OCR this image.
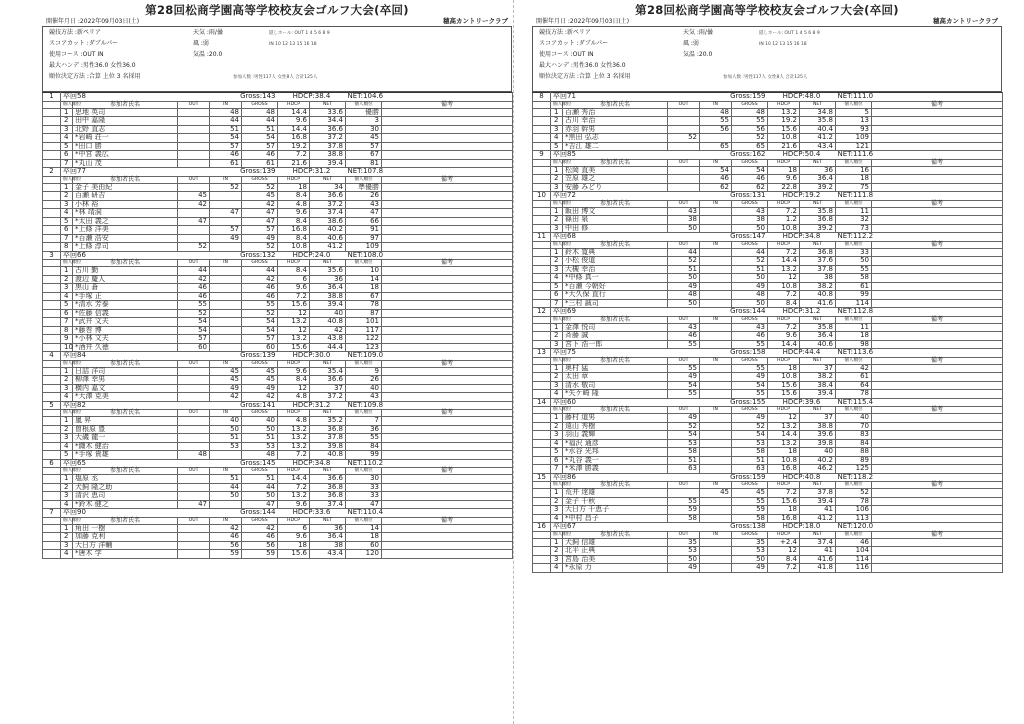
第28回松商学園高等学校校友会ゴルフ大会(卒回)
開催年月日 :2022年09月03日(土)	穂高カントリークラブ
競技方法 :新ペリア	天気 :雨/曇	隠しホール: OUT 1 4 5 6 8 9
スコアカット :ダブルパー	風 :弱	IN 10 12 13 15 16 18
使用コース :OUT IN	気温 :20.0
最大ハンデ :男性36.0 女性36.0
順位決定方法 :合算 上位 3 名採用	参加人数 :男性117人 女性8人 合計125人
1	卒回58			Gross:143		HDCP:38.4		NET:104.6	
	個人順位	参加者氏名	OUT	IN	GROSS	HDCP	NET	個人順位	備考
	1	思地 英司		48	48	14.4	33.6	優勝	
	2	田中 嘉隆		44	44	9.6	34.4	3	
	3	北野 直志		51	51	14.4	36.6	30	
	4	*岩崎 荘一		54	54	16.8	37.2	45	
	5	*田口 勝		57	57	19.2	37.8	57	
	6	*中宮 義広		46	46	7.2	38.8	67	
	7	*丸山 茂		61	61	21.6	39.4	81	
2	卒回77			Gross:139		HDCP:31.2		NET:107.8	
	個人順位	参加者氏名	OUT	IN	GROSS	HDCP	NET	個人順位	備考
	1	金子 美由紀		52	52	18	34	準優勝	
	2	百瀬 研吉	45		45	8.4	36.6	26	
	3	小林 裕	42		42	4.8	37.2	43	
	4	*林 靖洞		47	47	9.6	37.4	47	
	5	*太田 義之	47		47	8.4	38.6	66	
	6	*上條 洋美		57	57	16.8	40.2	91	
	7	*百瀬 浩安		49	49	8.4	40.6	97	
	8	*上條 淳司	52		52	10.8	41.2	109	
3	卒回66			Gross:132		HDCP:24.0		NET:108.0	
	個人順位	参加者氏名	OUT	IN	GROSS	HDCP	NET	個人順位	備考
	1	古川 勤	44		44	8.4	35.6	10	
	2	渡辺 慶人	42		42	6	36	14	
	3	黒山 蒼	46		46	9.6	36.4	18	
	4	*手塚 正	46		46	7.2	38.8	67	
	5	*清水 芳泰	55		55	15.6	39.4	78	
	6	*佐藤 信義	52		52	12	40	87	
	7	*武井 文夫	54		54	13.2	40.8	101	
	8	*藤巻 博	54		54	12	42	117	
	9	*小林 文夫	57		57	13.2	43.8	122	
	10	*酒井 久徳	60		60	15.6	44.4	123	
4	卒回84			Gross:139		HDCP:30.0		NET:109.0	
	個人順位	参加者氏名	OUT	IN	GROSS	HDCP	NET	個人順位	備考
	1	日詰 洋司		45	45	9.6	35.4	9	
	2	柳澤 幸男		45	45	8.4	36.6	26	
	3	横内 嘉文		49	49	12	37	40	
	4	*大澤 克美		42	42	4.8	37.2	43	
5	卒回82			Gross:141		HDCP:31.2		NET:109.8	
	個人順位	参加者氏名	OUT	IN	GROSS	HDCP	NET	個人順位	備考
	1	嵐 昇		40	40	4.8	35.2	7	
	2	曽根原 豊		50	50	13.2	36.8	36	
	3	大磯 龍一		51	51	13.2	37.8	55	
	4	*纐木 健治		53	53	13.2	39.8	84	
	5	*手塚 貴雄	48		48	7.2	40.8	99	
6	卒回65			Gross:145		HDCP:34.8		NET:110.2	
	個人順位	参加者氏名	OUT	IN	GROSS	HDCP	NET	個人順位	備考
	1	塩原 丞		51	51	14.4	36.6	30	
	2	犬飼 隆之助		44	44	7.2	36.8	33	
	3	清沢 恵司		50	50	13.2	36.8	33	
	4	*鈴木 健之	47		47	9.6	37.4	47	
7	卒回90			Gross:144		HDCP:33.6		NET:110.4	
	個人順位	参加者氏名	OUT	IN	GROSS	HDCP	NET	個人順位	備考
	1	角田 一樹		42	42	6	36	14	
	2	加藤 克利		46	46	9.6	36.4	18	
	3	大日方 洋輔		56	56	18	38	60	
	4	*唐木 学		59	59	15.6	43.4	120	
第28回松商学園高等学校校友会ゴルフ大会(卒回)
開催年月日 :2022年09月03日(土)	穂高カントリークラブ
競技方法 :新ペリア	天気 :雨/曇	隠しホール: OUT 1 4 5 6 8 9
スコアカット :ダブルパー	風 :弱	IN 10 12 13 15 16 18
使用コース :OUT IN	気温 :20.0
最大ハンデ :男性36.0 女性36.0
順位決定方法 :合算 上位 3 名採用	参加人数 :男性117人 女性8人 合計125人
8	卒回71			Gross:159		HDCP:48.0		NET:111.0	
	個人順位	参加者氏名	OUT	IN	GROSS	HDCP	NET	個人順位	備考
	1	百瀬 秀治		48	48	13.2	34.8	5	
	2	古川 幸治		55	55	19.2	35.8	13	
	3	赤羽 幹男		56	56	15.6	40.4	93	
	4	*黒田 弘志	52		52	10.8	41.2	109	
	5	*吉江 雄二		65	65	21.6	43.4	121	
9	卒回85			Gross:162		HDCP:50.4		NET:111.6	
	個人順位	参加者氏名	OUT	IN	GROSS	HDCP	NET	個人順位	備考
	1	松岡 直美		54	54	18	36	16	
	2	笠原 雄之		46	46	9.6	36.4	18	
	3	安藤 みどり		62	62	22.8	39.2	75	
10	卒回72			Gross:131		HDCP:19.2		NET:111.8	
	個人順位	参加者氏名	OUT	IN	GROSS	HDCP	NET	個人順位	備考
	1	飯田 博文	43		43	7.2	35.8	11	
	2	篠田 泉	38		38	1.2	36.8	32	
	3	中田 修	50		50	10.8	39.2	73	
11	卒回68			Gross:147		HDCP:34.8		NET:112.2	
	個人順位	参加者氏名	OUT	IN	GROSS	HDCP	NET	個人順位	備考
	1	鈴木 寛典	44		44	7.2	36.8	33	
	2	小松 俊道	52		52	14.4	37.6	50	
	3	大槻 幸治	51		51	13.2	37.8	55	
	4	*中條 真一	50		50	12	38	58	
	5	*百瀬 今朝好	49		49	10.8	38.2	61	
	6	*大久保 直行	48		48	7.2	40.8	99	
	7	*三村 誠司	50		50	8.4	41.6	114	
12	卒回69			Gross:144		HDCP:31.2		NET:112.8	
	個人順位	参加者氏名	OUT	IN	GROSS	HDCP	NET	個人順位	備考
	1	金澤 悦司	43		43	7.2	35.8	11	
	2	斉藤 誠	46		46	9.6	36.4	18	
	3	宮下 浩一郎	55		55	14.4	40.6	98	
13	卒回75			Gross:158		HDCP:44.4		NET:113.6	
	個人順位	参加者氏名	OUT	IN	GROSS	HDCP	NET	個人順位	備考
	1	奥村 猛	55		55	18	37	42	
	2	太田 章	49		49	10.8	38.2	61	
	3	清水 敬司	54		54	15.6	38.4	64	
	4	*矢ケ崎 隆	55		55	15.6	39.4	78	
14	卒回60			Gross:155		HDCP:39.6		NET:115.4	
	個人順位	参加者氏名	OUT	IN	GROSS	HDCP	NET	個人順位	備考
	1	藤村 道男	49		49	12	37	40	
	2	遠山 秀樹	52		52	13.2	38.8	70	
	3	羽山 義輝	54		54	14.4	39.6	83	
	4	*福沢 通彦	53		53	13.2	39.8	84	
	5	*水谷 光邦	58		58	18	40	88	
	6	*丸谷 義一	51		51	10.8	40.2	89	
	7	*米澤 勝義	63		63	16.8	46.2	125	
15	卒回86			Gross:159		HDCP:40.8		NET:118.2	
	個人順位	参加者氏名	OUT	IN	GROSS	HDCP	NET	個人順位	備考
	1	荒井 達雄		45	45	7.2	37.8	52	
	2	金子 千秋	55		55	15.6	39.4	78	
	3	大日方 千恵子	59		59	18	41	106	
	4	*中村 昌子	58		58	16.8	41.2	113	
16	卒回67			Gross:138		HDCP:18.0		NET:120.0	
	個人順位	参加者氏名	OUT	IN	GROSS	HDCP	NET	個人順位	備考
	1	犬飼 信雄	35		35	+2.4	37.4	46	
	2	北平 正典	53		53	12	41	104	
	3	宮島 治美	50		50	8.4	41.6	114	
	4	*永原 力	49		49	7.2	41.8	116	
